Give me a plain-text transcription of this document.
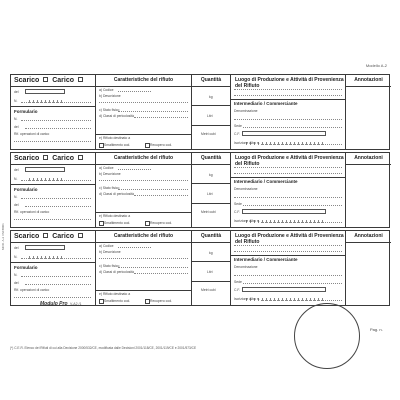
Modello A-2
MOD. A-2 VSFB001
Scarico Carico
del
N.
Formulario
N.
del
Rif. operazioni di carico
Caratteristiche del rifiuto
a) Codice
b) Descrizione
c) Stato fisico
d) Classi di pericolosità
e) Rifiuto destinato a
Smaltimento cod.	Recupero cod.
Quantità
kg
Litri
Metri cubi
Luogo di Produzione e Attività di Provenienza del Rifiuto
Intermediario / Commerciante
Denominazione
Sede
C.F.
Iscrizione Albo n.
Annotazioni
Scarico Carico
del
N.
Formulario
N.
del
Rif. operazioni di carico
Caratteristiche del rifiuto
a) Codice
b) Descrizione
c) Stato fisico
d) Classi di pericolosità
e) Rifiuto destinato a
Smaltimento cod.	Recupero cod.
Quantità
kg
Litri
Metri cubi
Luogo di Produzione e Attività di Provenienza del Rifiuto
Intermediario / Commerciante
Denominazione
Sede
C.F.
Iscrizione Albo n.
Annotazioni
Scarico Carico
del
N.
Formulario
N.
del
Rif. operazioni di carico
Caratteristiche del rifiuto
a) Codice
b) Descrizione
c) Stato fisico
d) Classi di pericolosità
e) Rifiuto destinato a
Smaltimento cod.	Recupero cod.
Quantità
kg
Litri
Metri cubi
Luogo di Produzione e Attività di Provenienza del Rifiuto
Intermediario / Commerciante
Denominazione
Sede
C.F.
Iscrizione Albo n.
Annotazioni
Modulo Pro V-A2 /1
Pag. n.
(*) C.E.R. Elenco dei Rifiuti di cui alla Decisione 2000/532/CE, modificata dalle Decisioni 2001/118/CE, 2001/119/CE e 2001/573/CE
